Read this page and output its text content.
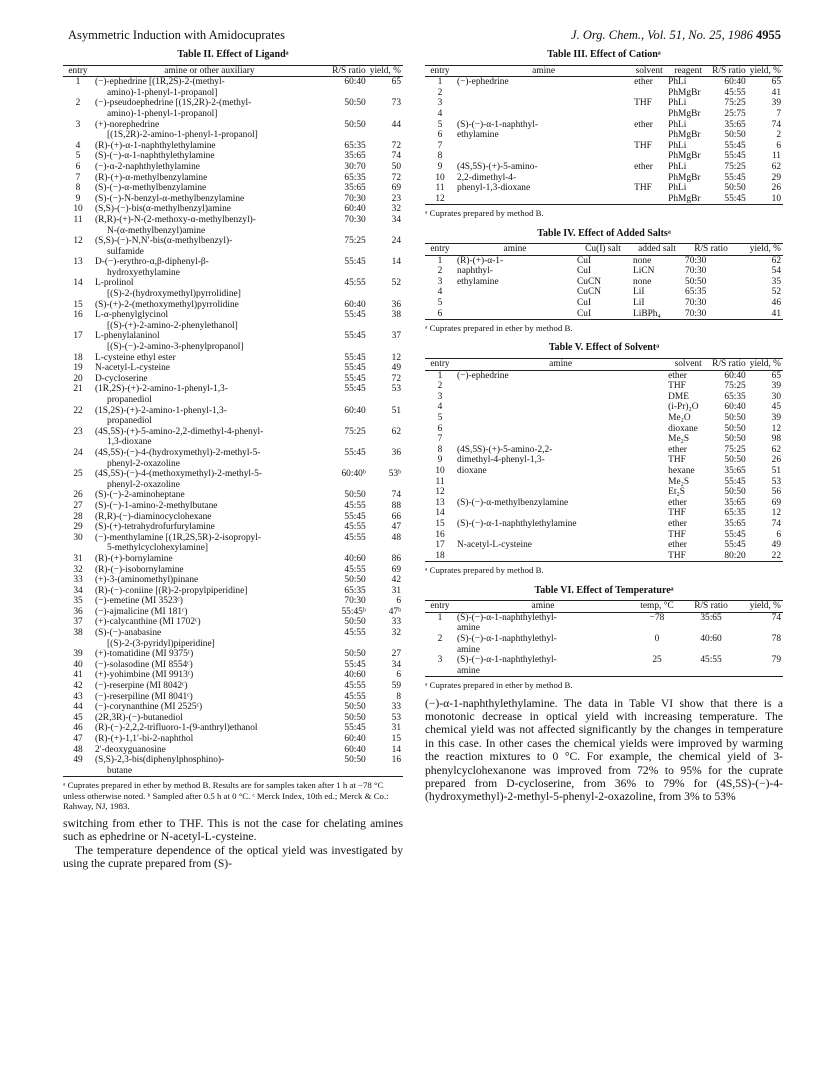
Asymmetric Induction with Amidocuprates	J. Org. Chem., Vol. 51, No. 25, 1986 4955
Table II. Effect of Ligandᵃ
entry	amine or other auxiliary	R/S ratio	yield, %
1	(−)-ephedrine [(1R,2S)-2-(methyl-	60:40	65
	amino)-1-phenyl-1-propanol]		
2	(−)-pseudoephedrine [(1S,2R)-2-(methyl-	50:50	73
	amino)-1-phenyl-1-propanol]		
3	(+)-norephedrine	50:50	44
	[(1S,2R)-2-amino-1-phenyl-1-propanol]		
4	(R)-(+)-α-1-naphthylethylamine	65:35	72
5	(S)-(−)-α-1-naphthylethylamine	35:65	74
6	(−)-α-2-naphthylethylamine	30:70	50
7	(R)-(+)-α-methylbenzylamine	65:35	72
8	(S)-(−)-α-methylbenzylamine	35:65	69
9	(S)-(−)-N-benzyl-α-methylbenzylamine	70:30	23
10	(S,S)-(−)-bis(α-methylbenzyl)amine	60:40	32
11	(R,R)-(+)-N-(2-methoxy-α-methylbenzyl)-	70:30	34
	N-(α-methylbenzyl)amine		
12	(S,S)-(−)-N,N′-bis(α-methylbenzyl)-	75:25	24
	sulfamide		
13	D-(−)-erythro-α,β-diphenyl-β-	55:45	14
	hydroxyethylamine		
14	L-prolinol	45:55	52
	[(S)-2-(hydroxymethyl)pyrrolidine]		
15	(S)-(+)-2-(methoxymethyl)pyrrolidine	60:40	36
16	L-α-phenylglycinol	55:45	38
	[(S)-(+)-2-amino-2-phenylethanol]		
17	L-phenylalaninol	55:45	37
	[(S)-(−)-2-amino-3-phenylpropanol]		
18	L-cysteine ethyl ester	55:45	12
19	N-acetyl-L-cysteine	55:45	49
20	D-cycloserine	55:45	72
21	(1R,2S)-(+)-2-amino-1-phenyl-1,3-	55:45	53
	propanediol		
22	(1S,2S)-(+)-2-amino-1-phenyl-1,3-	60:40	51
	propanediol		
23	(4S,5S)-(+)-5-amino-2,2-dimethyl-4-phenyl-	75:25	62
	1,3-dioxane		
24	(4S,5S)-(−)-4-(hydroxymethyl)-2-methyl-5-	55:45	36
	phenyl-2-oxazoline		
25	(4S,5S)-(−)-4-(methoxymethyl)-2-methyl-5-	60:40ᵇ	53ᵇ
	phenyl-2-oxazoline		
26	(S)-(−)-2-aminoheptane	50:50	74
27	(S)-(−)-1-amino-2-methylbutane	45:55	88
28	(R,R)-(−)-diaminocyclohexane	55:45	66
29	(S)-(+)-tetrahydrofurfurylamine	45:55	47
30	(−)-menthylamine [(1R,2S,5R)-2-isopropyl-	45:55	48
	5-methylcyclohexylamine]		
31	(R)-(+)-bornylamine	40:60	86
32	(R)-(−)-isobornylamine	45:55	69
33	(+)-3-(aminomethyl)pinane	50:50	42
34	(R)-(−)-coniine [(R)-2-propylpiperidine]	65:35	31
35	(−)-emetine (MI 3523ᶜ)	70:30	6
36	(−)-ajmalicine (MI 181ᶜ)	55:45ᵇ	47ᵇ
37	(+)-calycanthine (MI 1702ᶜ)	50:50	33
38	(S)-(−)-anabasine	45:55	32
	[(S)-2-(3-pyridyl)piperidine]		
39	(+)-tomatidine (MI 9375ᶜ)	50:50	27
40	(−)-solasodine (MI 8554ᶜ)	55:45	34
41	(+)-yohimbine (MI 9913ᶜ)	40:60	6
42	(−)-reserpine (MI 8042ᶜ)	45:55	59
43	(−)-reserpiline (MI 8041ᶜ)	45:55	8
44	(−)-corynanthine (MI 2525ᶜ)	50:50	33
45	(2R,3R)-(−)-butanediol	50:50	53
46	(R)-(−)-2,2,2-trifluoro-1-(9-anthryl)ethanol	55:45	31
47	(R)-(+)-1,1′-bi-2-naphthol	60:40	15
48	2′-deoxyguanosine	60:40	14
49	(S,S)-2,3-bis(diphenylphosphino)-	50:50	16
	butane		
ᵃ Cuprates prepared in ether by method B. Results are for samples taken after 1 h at −78 °C unless otherwise noted. ᵇ Sampled after 0.5 h at 0 °C. ᶜ Merck Index, 10th ed.; Merck & Co.: Rahway, NJ, 1983.
switching from ether to THF. This is not the case for chelating amines such as ephedrine or N-acetyl-L-cysteine.
The temperature dependence of the optical yield was investigated by using the cuprate prepared from (S)-
Table III. Effect of Cationᵃ
entry	amine	solvent	reagent	R/S ratio	yield, %
1	(−)-ephedrine	ether	PhLi	60:40	65
2			PhMgBr	45:55	41
3		THF	PhLi	75:25	39
4			PhMgBr	25:75	7
5	(S)-(−)-α-1-naphthyl-	ether	PhLi	35:65	74
6	ethylamine		PhMgBr	50:50	2
7		THF	PhLi	55:45	6
8			PhMgBr	55:45	11
9	(4S,5S)-(+)-5-amino-	ether	PhLi	75:25	62
10	2,2-dimethyl-4-		PhMgBr	55:45	29
11	phenyl-1,3-dioxane	THF	PhLi	50:50	26
12			PhMgBr	55:45	10
ᵃ Cuprates prepared by method B.
Table IV. Effect of Added Saltsᵃ
entry	amine	Cu(I) salt	added salt	R/S ratio	yield, %
1	(R)-(+)-α-1-	CuI	none	70:30	62
2	naphthyl-	CuI	LiCN	70:30	54
3	ethylamine	CuCN	none	50:50	35
4		CuCN	LiI	65:35	52
5		CuI	LiI	70:30	46
6		CuI	LiBPh₄	70:30	41
ᵃ Cuprates prepared in ether by method B.
Table V. Effect of Solventᵃ
entry	amine	solvent	R/S ratio	yield, %
1	(−)-ephedrine	ether	60:40	65
2		THF	75:25	39
3		DME	65:35	30
4		(i-Pr)₂O	60:40	45
5		Me₂O	50:50	39
6		dioxane	50:50	12
7		Me₂S	50:50	98
8	(4S,5S)-(+)-5-amino-2,2-	ether	75:25	62
9	dimethyl-4-phenyl-1,3-	THF	50:50	26
10	dioxane	hexane	35:65	51
11		Me₂S	55:45	53
12		Et₂S	50:50	56
13	(S)-(−)-α-methylbenzylamine	ether	35:65	69
14		THF	65:35	12
15	(S)-(−)-α-1-naphthylethylamine	ether	35:65	74
16		THF	55:45	6
17	N-acetyl-L-cysteine	ether	55:45	49
18		THF	80:20	22
ᵃ Cuprates prepared by method B.
Table VI. Effect of Temperatureᵃ
entry	amine	temp, °C	R/S ratio	yield, %
1	(S)-(−)-α-1-naphthylethyl-	−78	35:65	74
	amine			
2	(S)-(−)-α-1-naphthylethyl-	0	40:60	78
	amine			
3	(S)-(−)-α-1-naphthylethyl-	25	45:55	79
	amine			
ᵃ Cuprates prepared in ether by method B.
(−)-α-1-naphthylethylamine. The data in Table VI show that there is a monotonic decrease in optical yield with increasing temperature. The chemical yield was not affected significantly by the changes in temperature in this case. In other cases the chemical yields were improved by warming the reaction mixtures to 0 °C. For example, the chemical yield of 3-phenylcyclohexanone was improved from 72% to 95% for the cuprate prepared from D-cycloserine, from 36% to 79% for (4S,5S)-(−)-4-(hydroxymethyl)-2-methyl-5-phenyl-2-oxazoline, from 3% to 53%
